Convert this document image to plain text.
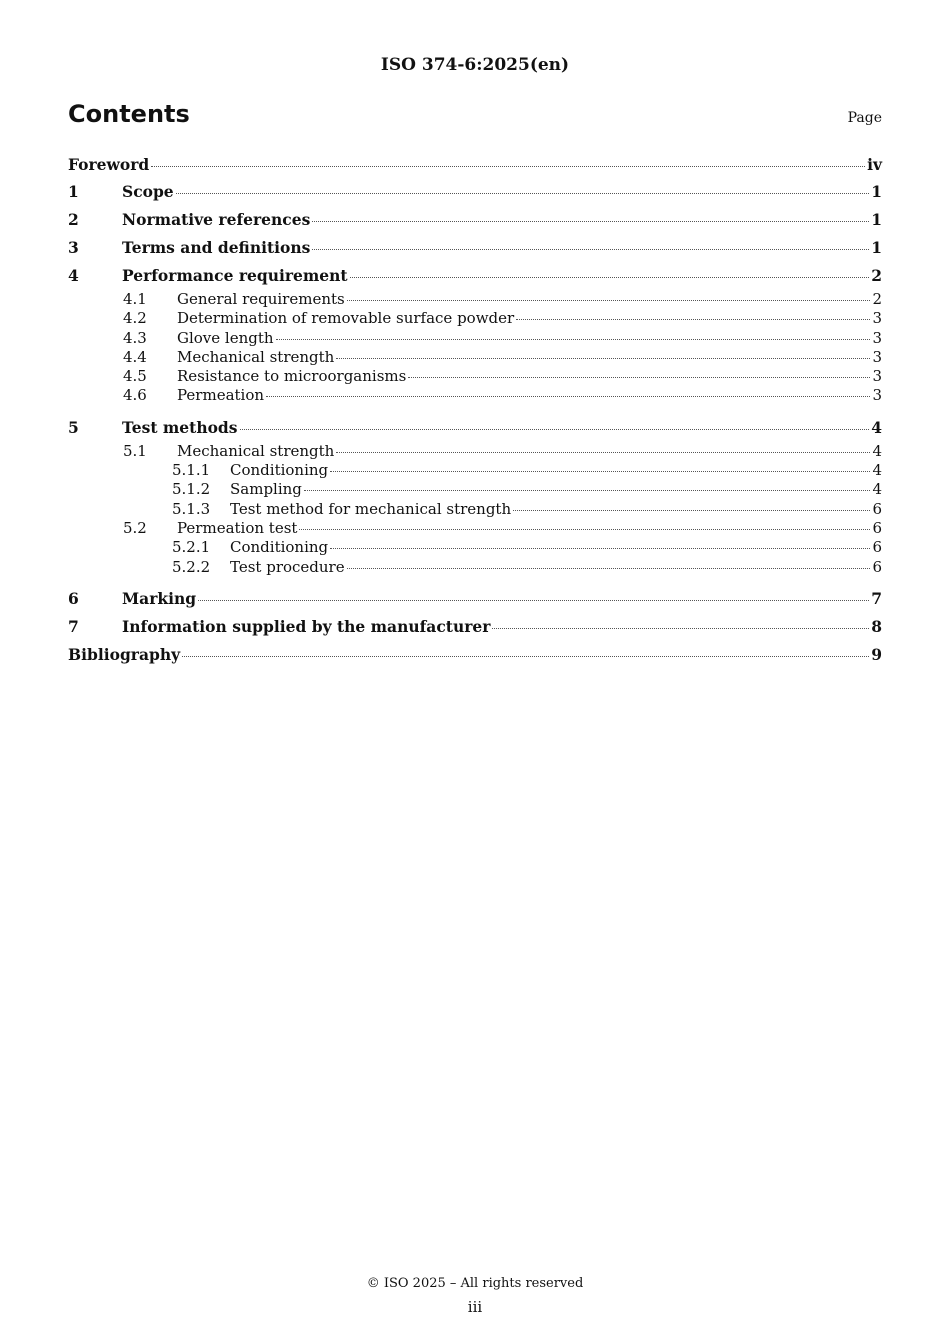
ISO 374-6:2025(en)
Contents	Page
Foreword	iv
1	Scope	1
2	Normative references	1
3	Terms and definitions	1
4	Performance requirement	2
4.1	General requirements	2
4.2	Determination of removable surface powder	3
4.3	Glove length	3
4.4	Mechanical strength	3
4.5	Resistance to microorganisms	3
4.6	Permeation	3
5	Test methods	4
5.1	Mechanical strength	4
5.1.1	Conditioning	4
5.1.2	Sampling	4
5.1.3	Test method for mechanical strength	6
5.2	Permeation test	6
5.2.1	Conditioning	6
5.2.2	Test procedure	6
6	Marking	7
7	Information supplied by the manufacturer	8
Bibliography	9
© ISO 2025 – All rights reserved
iii
